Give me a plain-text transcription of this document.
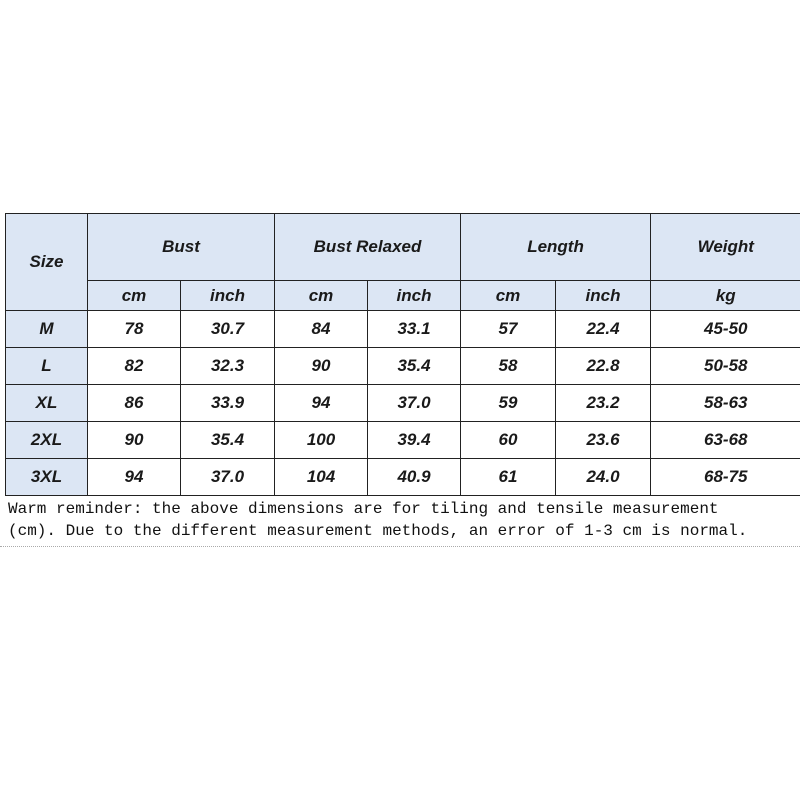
Size	Bust		Bust Relaxed		Length		Weight
	cm	inch	cm	inch	cm	inch	kg
M	78	30.7	84	33.1	57	22.4	45-50
L	82	32.3	90	35.4	58	22.8	50-58
XL	86	33.9	94	37.0	59	23.2	58-63
2XL	90	35.4	100	39.4	60	23.6	63-68
3XL	94	37.0	104	40.9	61	24.0	68-75

Warm reminder: the above dimensions are for tiling and tensile measurement
(cm). Due to the different measurement methods, an error of 1-3 cm is normal.
